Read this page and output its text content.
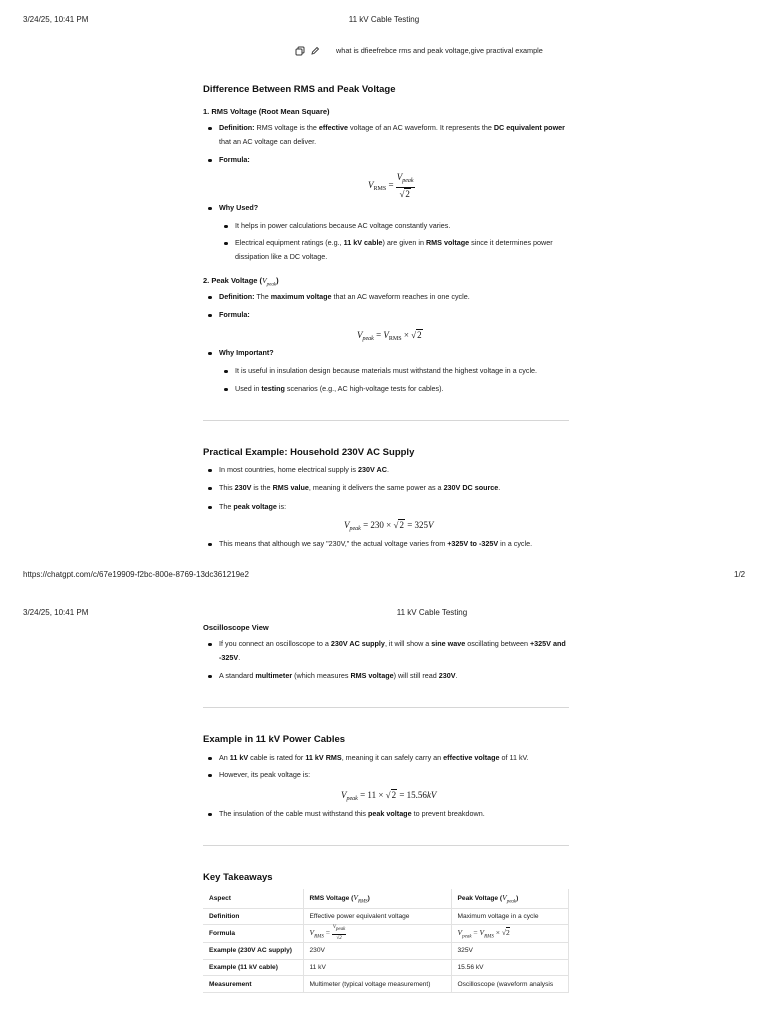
3/24/25, 10:41 PM	11 kV Cable Testing
what is dfieefrebce rms and peak voltage,give practival example
Difference Between RMS and Peak Voltage
1. RMS Voltage (Root Mean Square)
Definition: RMS voltage is the effective voltage of an AC waveform. It represents the DC equivalent power that an AC voltage can deliver.
Formula:
$V_{RMS} = \frac{V_{peak}}{√2}$
Why Used?
It helps in power calculations because AC voltage constantly varies.
Electrical equipment ratings (e.g., 11 kV cable) are given in RMS voltage since it determines power dissipation like a DC voltage.
2. Peak Voltage $(V_{peak})$
Definition: The maximum voltage that an AC waveform reaches in one cycle.
Formula:
$V_{peak} = V_{RMS} \times √2$
Why Important?
It is useful in insulation design because materials must withstand the highest voltage in a cycle.
Used in testing scenarios (e.g., AC high-voltage tests for cables).
Practical Example: Household 230V AC Supply
In most countries, home electrical supply is 230V AC.
This 230V is the RMS value, meaning it delivers the same power as a 230V DC source.
The peak voltage is:
$V_{peak} = 230 \times √2 = 325V$
This means that although we say "230V," the actual voltage varies from +325V to -325V in a cycle.
https://chatgpt.com/c/67e19909-f2bc-800e-8769-13dc361219e2	1/2
3/24/25, 10:41 PM	11 kV Cable Testing
Oscilloscope View
If you connect an oscilloscope to a 230V AC supply, it will show a sine wave oscillating between +325V and -325V.
A standard multimeter (which measures RMS voltage) will still read 230V.
Example in 11 kV Power Cables
An 11 kV cable is rated for 11 kV RMS, meaning it can safely carry an effective voltage of 11 kV.
However, its peak voltage is:
$V_{peak} = 11 \times √2 = 15.56kV$
The insulation of the cable must withstand this peak voltage to prevent breakdown.
Key Takeaways
Aspect	RMS Voltage $(V_{RMS})$	Peak Voltage $(V_{peak})$
Definition	Effective power equivalent voltage	Maximum voltage in a cycle
Formula	$V_{RMS} = \frac{V_{peak}}{√2}$	$V_{peak} = V_{RMS} \times √2$
Example (230V AC supply)	230V	325V
Example (11 kV cable)	11 kV	15.56 kV
Measurement	Multimeter (typical voltage measurement)	Oscilloscope (waveform analysis
